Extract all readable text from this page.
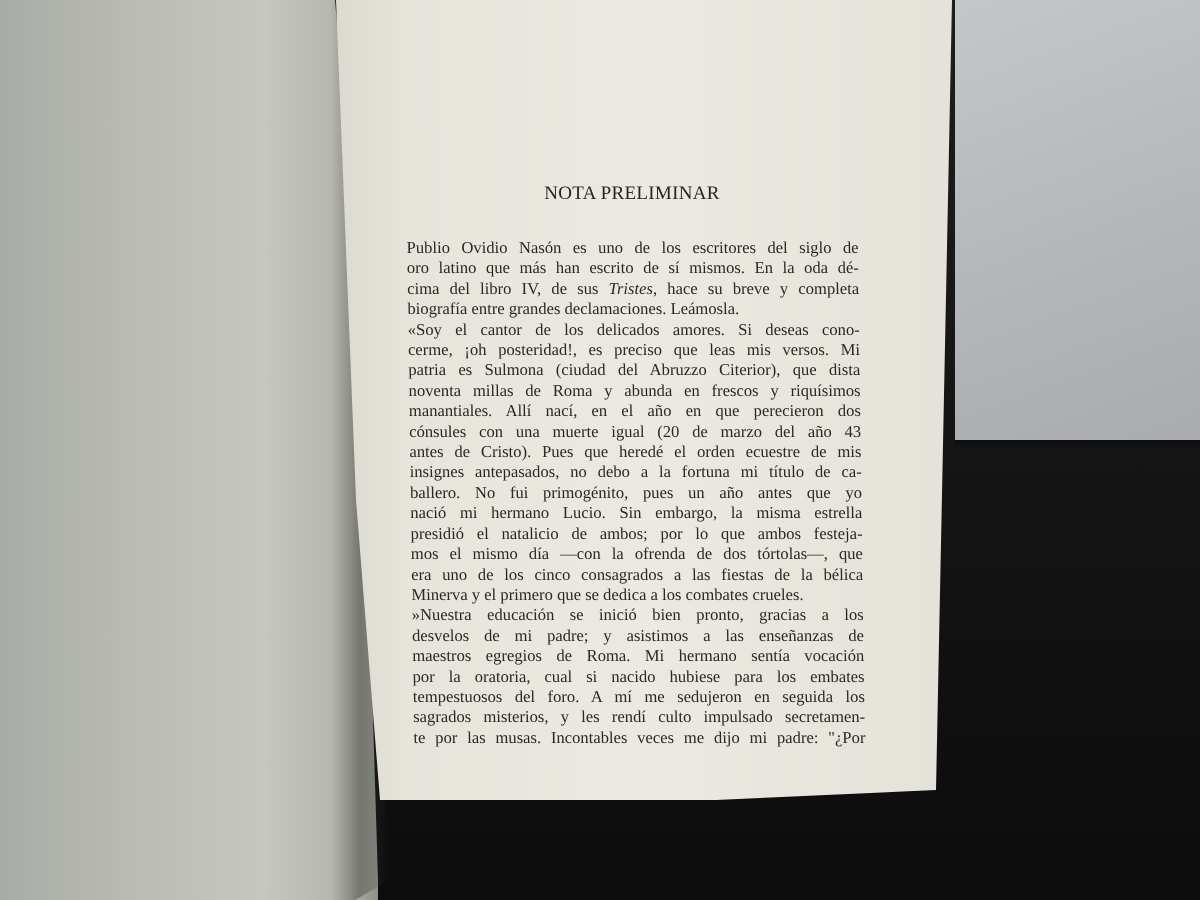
NOTA PRELIMINAR

Publio Ovidio Nasón es uno de los escritores del siglo de
oro latino que más han escrito de sí mismos. En la oda dé-
cima del libro IV, de sus Tristes, hace su breve y completa
biografía entre grandes declamaciones. Leámosla.

«Soy el cantor de los delicados amores. Si deseas cono-
cerme, ¡oh posteridad!, es preciso que leas mis versos. Mi
patria es Sulmona (ciudad del Abruzzo Citerior), que dista
noventa millas de Roma y abunda en frescos y riquísimos
manantiales. Allí nací, en el año en que perecieron dos
cónsules con una muerte igual (20 de marzo del año 43
antes de Cristo). Pues que heredé el orden ecuestre de mis
insignes antepasados, no debo a la fortuna mi título de ca-
ballero. No fui primogénito, pues un año antes que yo
nació mi hermano Lucio. Sin embargo, la misma estrella
presidió el natalicio de ambos; por lo que ambos festeja-
mos el mismo día —con la ofrenda de dos tórtolas—, que
era uno de los cinco consagrados a las fiestas de la bélica
Minerva y el primero que se dedica a los combates crueles.

»Nuestra educación se inició bien pronto, gracias a los
desvelos de mi padre; y asistimos a las enseñanzas de
maestros egregios de Roma. Mi hermano sentía vocación
por la oratoria, cual si nacido hubiese para los embates
tempestuosos del foro. A mí me sedujeron en seguida los
sagrados misterios, y les rendí culto impulsado secretamen-
te por las musas. Incontables veces me dijo mi padre: "¿Por
